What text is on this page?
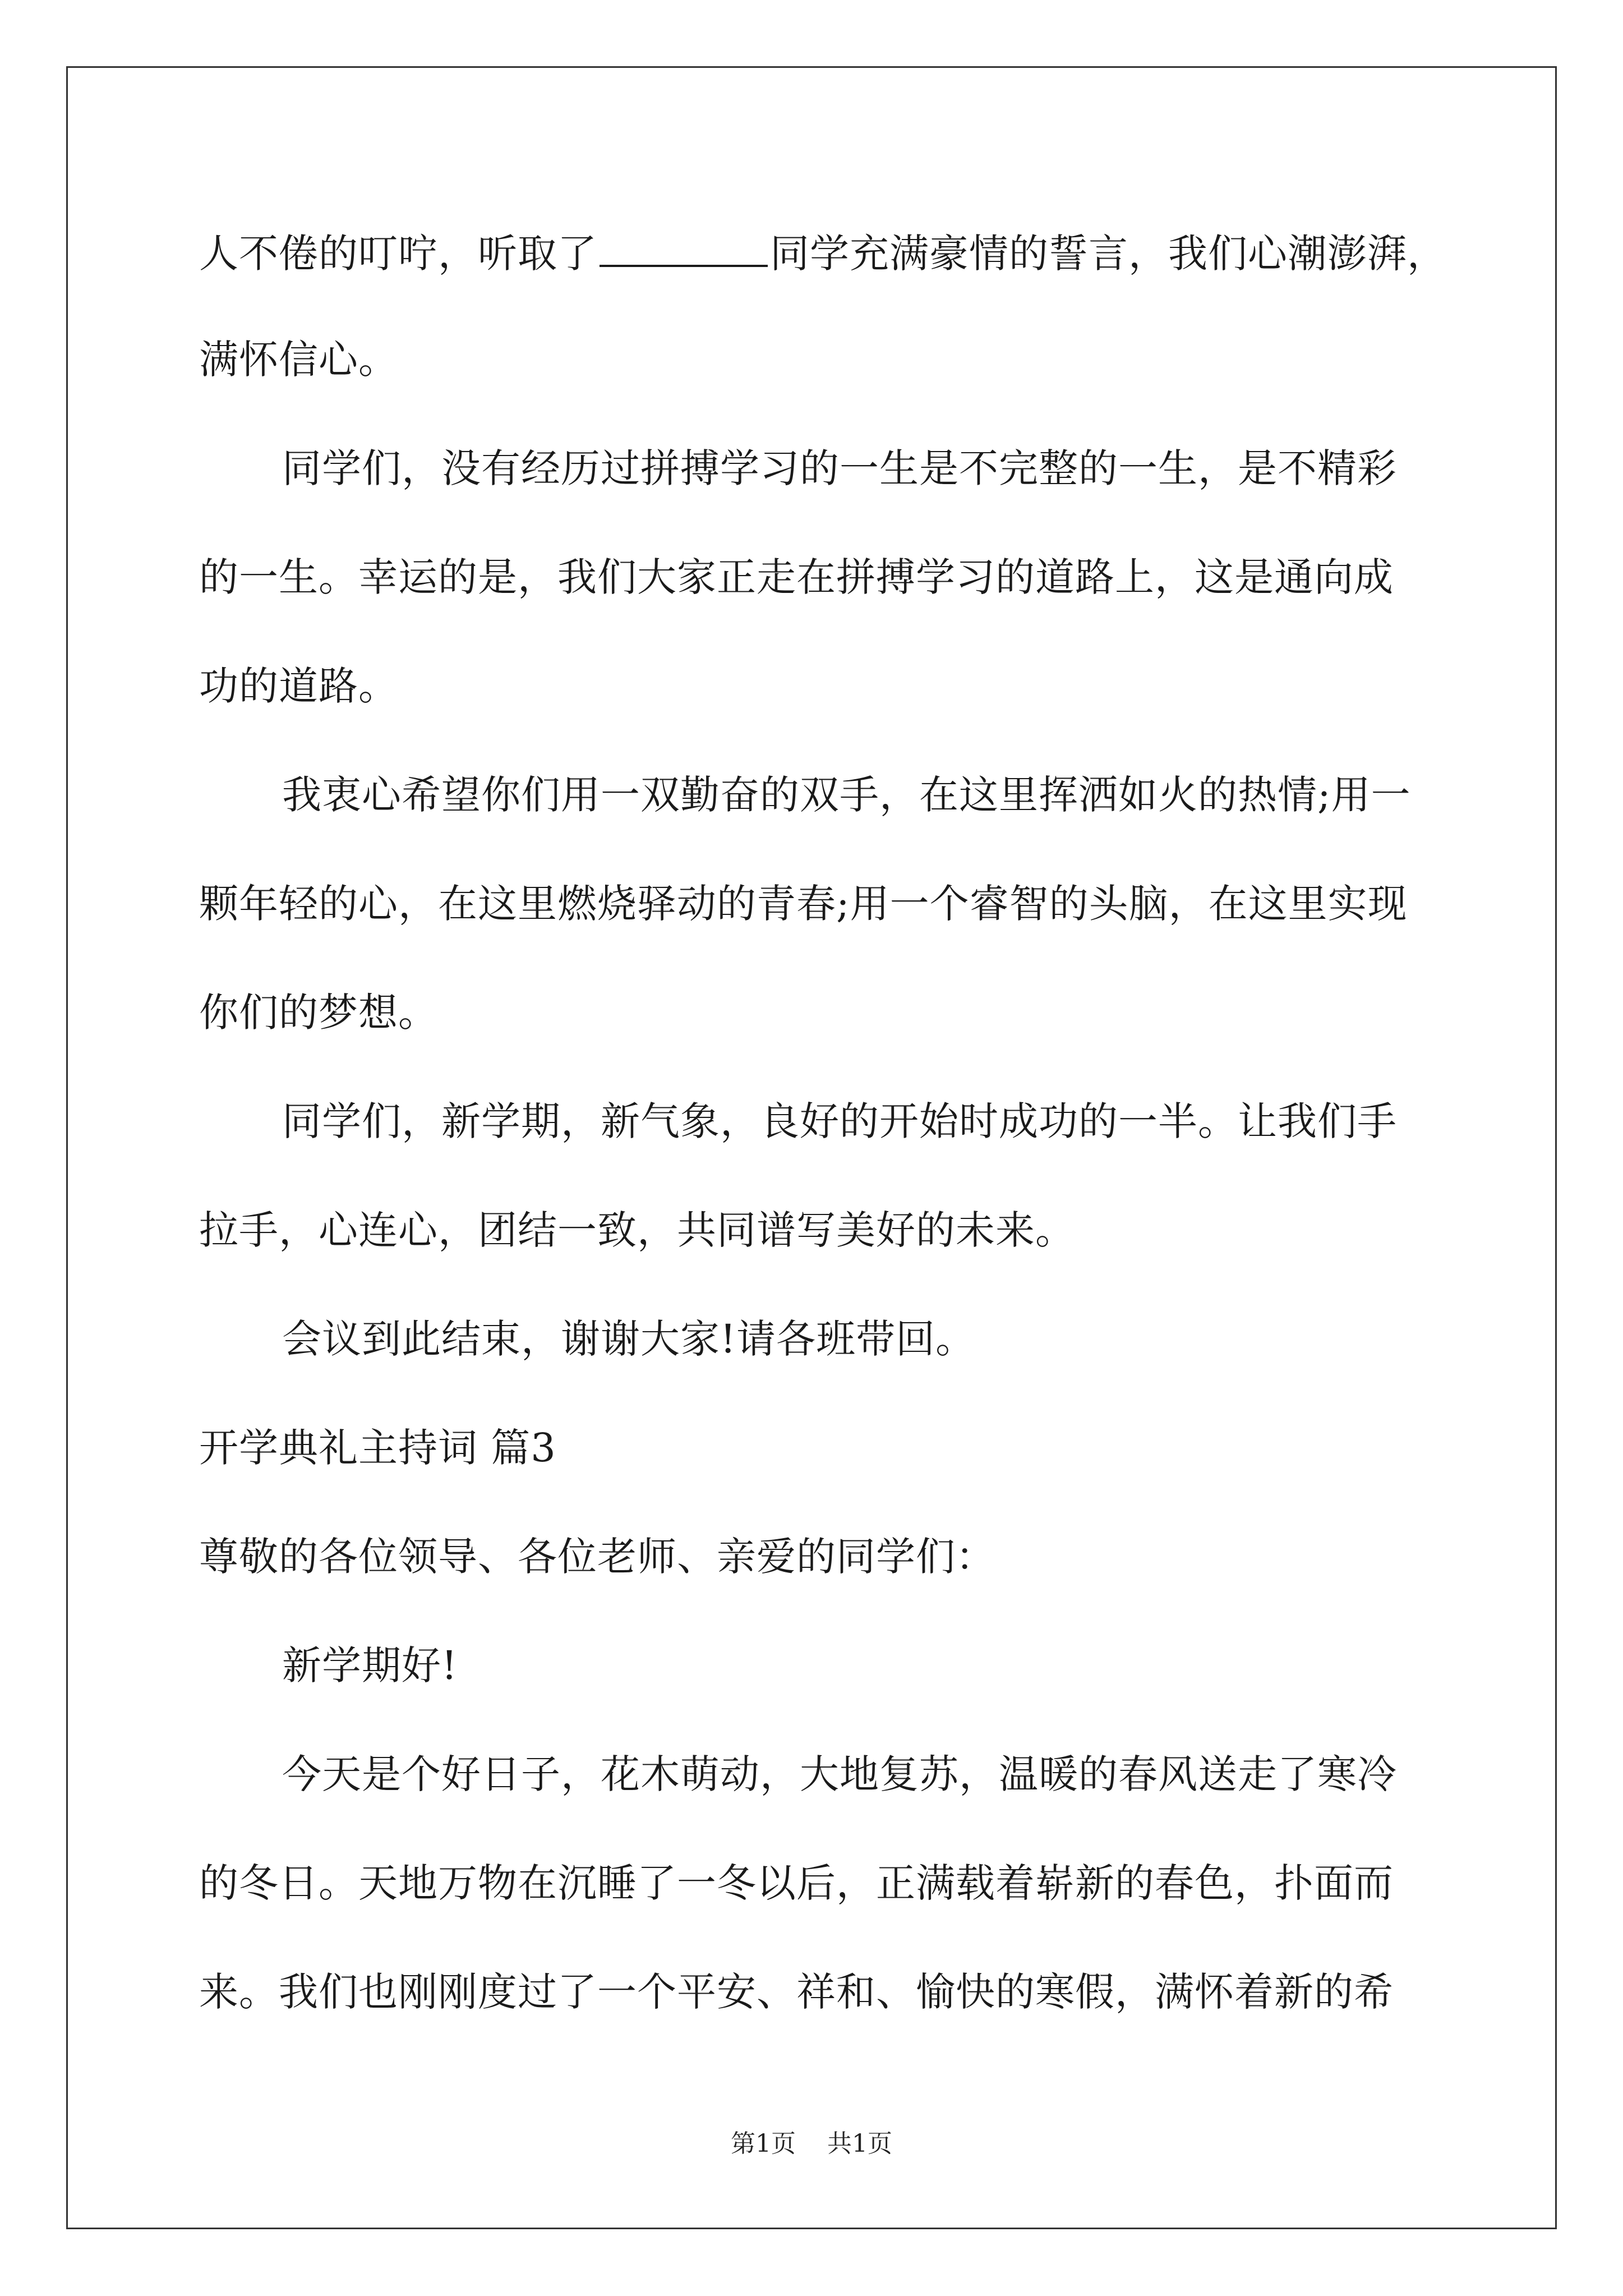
人不倦的叮咛，听取了	同学充满豪情的誓言，我们心潮澎湃，
满怀信心。
同学们，没有经历过拼搏学习的一生是不完整的一生，是不精彩
的一生。幸运的是，我们大家正走在拼搏学习的道路上，这是通向成
功的道路。
我衷心希望你们用一双勤奋的双手，在这里挥洒如火的热情;用一
颗年轻的心，在这里燃烧驿动的青春;用一个睿智的头脑，在这里实现
你们的梦想。
同学们，新学期，新气象，良好的开始时成功的一半。让我们手
拉手，心连心，团结一致，共同谱写美好的未来。
会议到此结束，谢谢大家!请各班带回。
开学典礼主持词 篇3
尊敬的各位领导、各位老师、亲爱的同学们：
新学期好!
今天是个好日子，花木萌动，大地复苏，温暖的春风送走了寒冷
的冬日。天地万物在沉睡了一冬以后，正满载着崭新的春色，扑面而
来。我们也刚刚度过了一个平安、祥和、愉快的寒假，满怀着新的希
第1页 共1页
